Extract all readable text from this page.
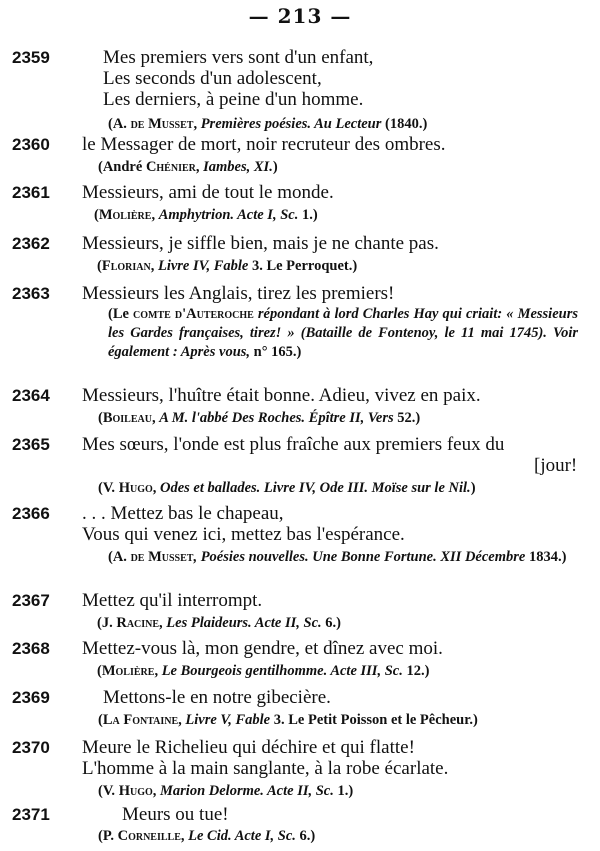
— 213 —
2359	Mes premiers vers sont d'un enfant,
Les seconds d'un adolescent,
Les derniers, à peine d'un homme.
(A. de Musset, Premières poésies. Au Lecteur (1840.)
2360 le Messager de mort, noir recruteur des ombres.
(André Chénier, Iambes, XI.)
2361 Messieurs, ami de tout le monde.
(Molière, Amphytrion. Acte I, Sc. 1.)
2362 Messieurs, je siffle bien, mais je ne chante pas.
(Florian, Livre IV, Fable 3. Le Perroquet.)
2363 Messieurs les Anglais, tirez les premiers!
(Le comte d'Auteroche répondant à lord Charles Hay qui criait: « Messieurs les Gardes françaises, tirez! » (Bataille de Fontenoy, le 11 mai 1745). Voir également : Après vous, n° 165.)
2364 Messieurs, l'huître était bonne. Adieu, vivez en paix.
(Boileau, A M. l'abbé Des Roches. Épître II, Vers 52.)
2365 Mes sœurs, l'onde est plus fraîche aux premiers feux du
[jour!
(V. Hugo, Odes et ballades. Livre IV, Ode III. Moïse sur le Nil.)
2366 . . . Mettez bas le chapeau,
Vous qui venez ici, mettez bas l'espérance.
(A. de Musset, Poésies nouvelles. Une Bonne Fortune. XII Décembre 1834.)
2367 Mettez qu'il interrompt.
(J. Racine, Les Plaideurs. Acte II, Sc. 6.)
2368 Mettez-vous là, mon gendre, et dînez avec moi.
(Molière, Le Bourgeois gentilhomme. Acte III, Sc. 12.)
2369	Mettons-le en notre gibecière.
(La Fontaine, Livre V, Fable 3. Le Petit Poisson et le Pêcheur.)
2370 Meure le Richelieu qui déchire et qui flatte!
L'homme à la main sanglante, à la robe écarlate.
(V. Hugo, Marion Delorme. Acte II, Sc. 1.)
2371	Meurs ou tue!
(P. Corneille, Le Cid. Acte I, Sc. 6.)
